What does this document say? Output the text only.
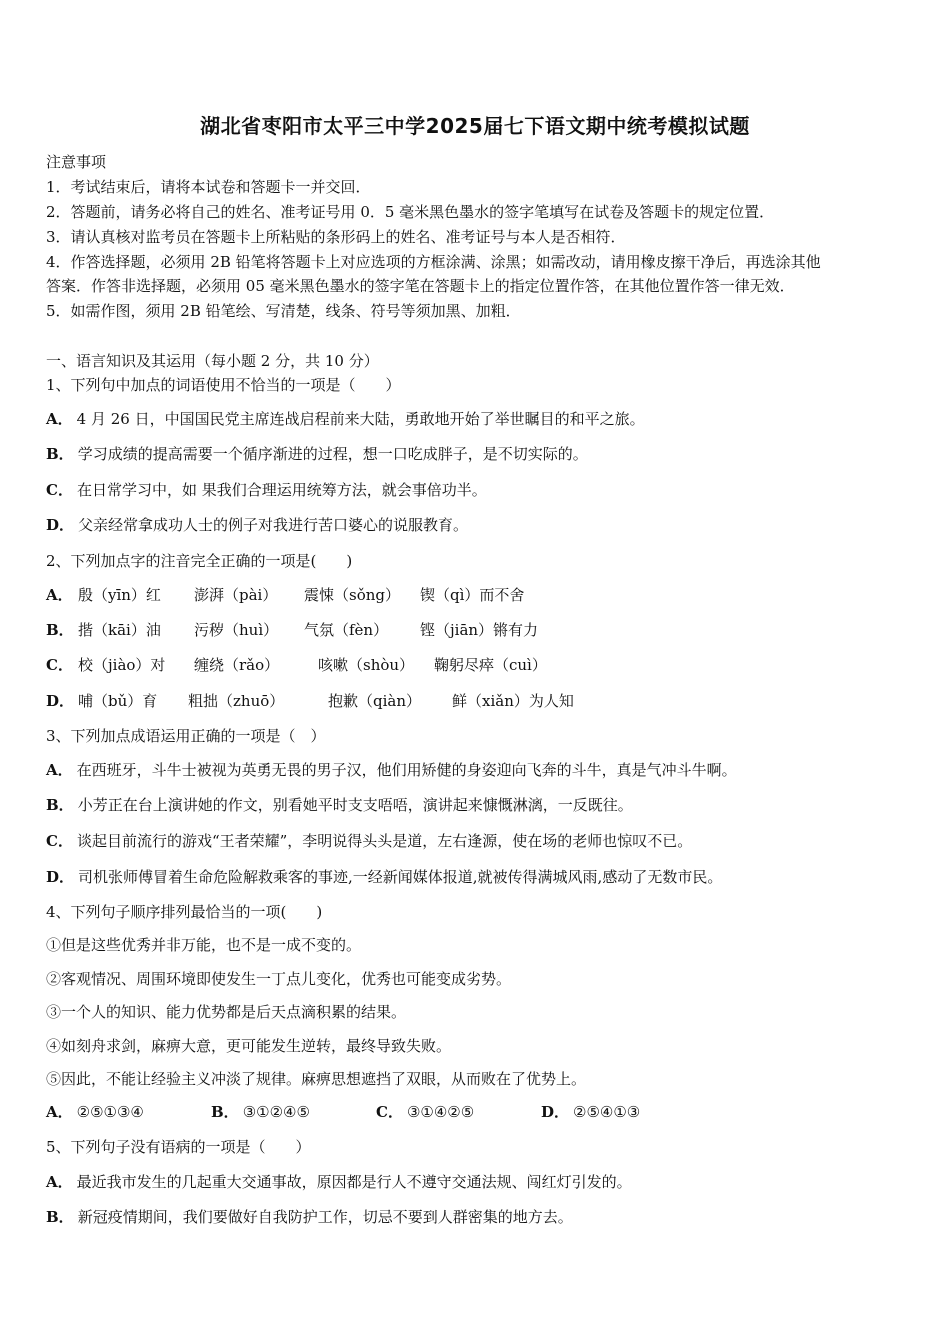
湖北省枣阳市太平三中学2025届七下语文期中统考模拟试题
注意事项
1．考试结束后，请将本试卷和答题卡一并交回．
2．答题前，请务必将自己的姓名、准考证号用 0．5 毫米黑色墨水的签字笔填写在试卷及答题卡的规定位置．
3．请认真核对监考员在答题卡上所粘贴的条形码上的姓名、准考证号与本人是否相符．
4．作答选择题，必须用 2B 铅笔将答题卡上对应选项的方框涂满、涂黑；如需改动，请用橡皮擦干净后，再选涂其他
答案．作答非选择题，必须用 05 毫米黑色墨水的签字笔在答题卡上的指定位置作答，在其他位置作答一律无效．
5．如需作图，须用 2B 铅笔绘、写清楚，线条、符号等须加黑、加粗．
一、语言知识及其运用（每小题 2 分，共 10 分）
1、下列句中加点的词语使用不恰当的一项是（　　）
A． 4 月 26 日，中国国民党主席连战启程前来大陆，勇敢地开始了举世瞩目的和平之旅。
B． 学习成绩的提高需要一个循序渐进的过程，想一口吃成胖子，是不切实际的。
C． 在日常学习中，如 果我们合理运用统筹方法，就会事倍功半。
D． 父亲经常拿成功人士的例子对我进行苦口婆心的说服教育。
2、下列加点字的注音完全正确的一项是(　　)
A． 殷（yīn）红	澎湃（pài）	震悚（sǒng）	锲（qì）而不舍
B． 揩（kāi）油	污秽（huì）	气氛（fèn）	铿（jiān）锵有力
C． 校（jiào）对	缠绕（rǎo）	咳嗽（shòu）	鞠躬尽瘁（cuì）
D． 哺（bǔ）育	粗拙（zhuō）	抱歉（qiàn）	鲜（xiǎn）为人知
3、下列加点成语运用正确的一项是（　）
A． 在西班牙，斗牛士被视为英勇无畏的男子汉，他们用矫健的身姿迎向飞奔的斗牛，真是气冲斗牛啊。
B． 小芳正在台上演讲她的作文，别看她平时支支唔唔，演讲起来慷慨淋漓，一反既往。
C． 谈起目前流行的游戏“王者荣耀”，李明说得头头是道，左右逢源，使在场的老师也惊叹不已。
D． 司机张师傅冒着生命危险解救乘客的事迹,一经新闻媒体报道,就被传得满城风雨,感动了无数市民。
4、下列句子顺序排列最恰当的一项(　　)
①但是这些优秀并非万能，也不是一成不变的。
②客观情况、周围环境即使发生一丁点儿变化，优秀也可能变成劣势。
③一个人的知识、能力优势都是后天点滴积累的结果。
④如刻舟求剑，麻痹大意，更可能发生逆转，最终导致失败。
⑤因此，不能让经验主义冲淡了规律。麻痹思想遮挡了双眼，从而败在了优势上。
A． ②⑤①③④	B． ③①②④⑤	C． ③①④②⑤	D． ②⑤④①③
5、下列句子没有语病的一项是（　　）
A． 最近我市发生的几起重大交通事故，原因都是行人不遵守交通法规、闯红灯引发的。
B． 新冠疫情期间，我们要做好自我防护工作，切忌不要到人群密集的地方去。
